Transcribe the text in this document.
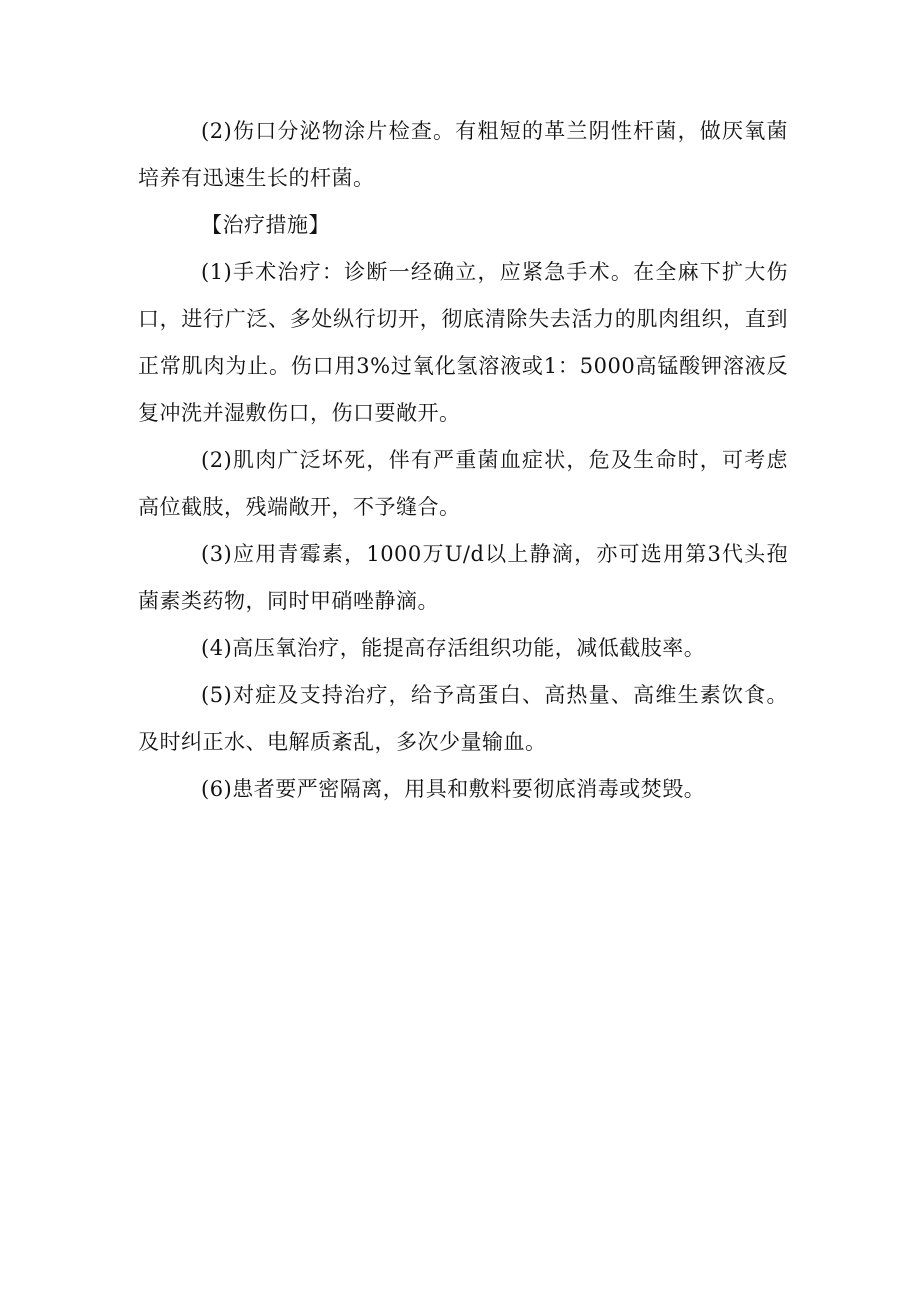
(2)伤口分泌物涂片检查。有粗短的革兰阴性杆菌，做厌氧菌培养有迅速生长的杆菌。

【治疗措施】

(1)手术治疗：诊断一经确立，应紧急手术。在全麻下扩大伤口，进行广泛、多处纵行切开，彻底清除失去活力的肌肉组织，直到正常肌肉为止。伤口用3%过氧化氢溶液或1：5000高锰酸钾溶液反复冲洗并湿敷伤口，伤口要敞开。

(2)肌肉广泛坏死，伴有严重菌血症状，危及生命时，可考虑高位截肢，残端敞开，不予缝合。

(3)应用青霉素，1000万U/d以上静滴，亦可选用第3代头孢菌素类药物，同时甲硝唑静滴。

(4)高压氧治疗，能提高存活组织功能，减低截肢率。

(5)对症及支持治疗，给予高蛋白、高热量、高维生素饮食。及时纠正水、电解质紊乱，多次少量输血。

(6)患者要严密隔离，用具和敷料要彻底消毒或焚毁。
